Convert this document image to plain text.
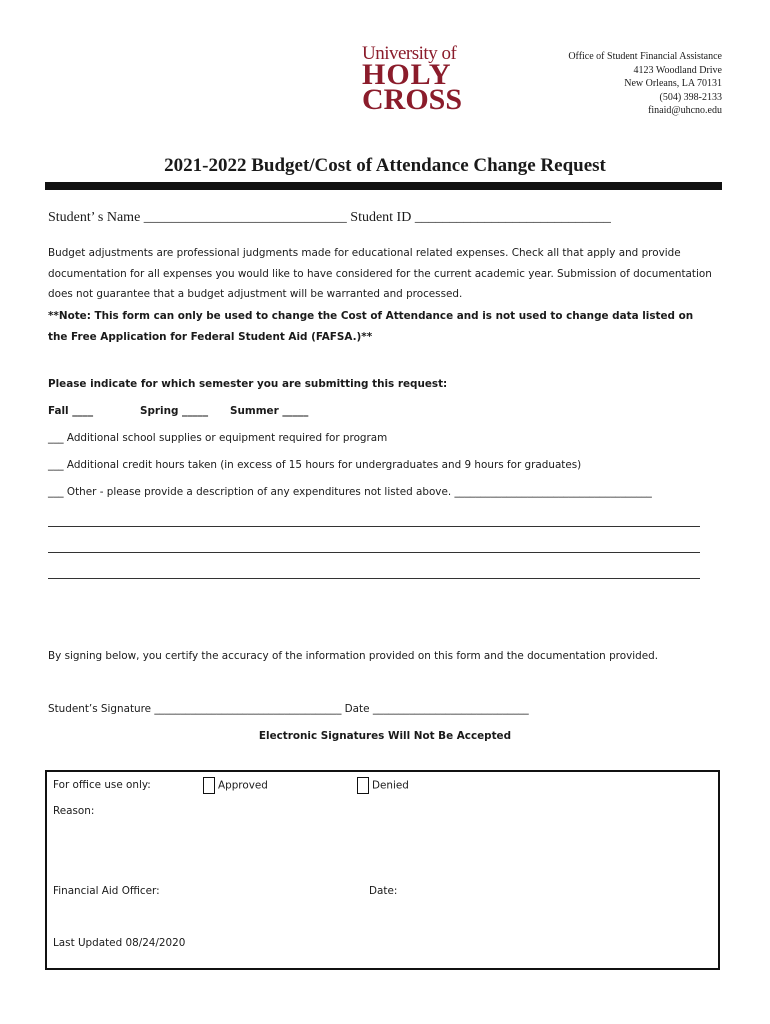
University of
HOLY
CROSS
Office of Student Financial Assistance
4123 Woodland Drive
New Orleans, LA 70131
(504) 398-2133
finaid@uhcno.edu
2021-2022 Budget/Cost of Attendance Change Request
Student’ s Name _____________________________ Student ID ____________________________
Budget adjustments are professional judgments made for educational related expenses. Check all that apply and provide documentation for all expenses you would like to have considered for the current academic year. Submission of documentation does not guarantee that a budget adjustment will be warranted and processed.
**Note: This form can only be used to change the Cost of Attendance and is not used to change data listed on the Free Application for Federal Student Aid (FAFSA.)**
Please indicate for which semester you are submitting this request:
Fall ____	Spring _____ Summer _____
___ Additional school supplies or equipment required for program
___ Additional credit hours taken (in excess of 15 hours for undergraduates and 9 hours for graduates)
___ Other - please provide a description of any expenditures not listed above. ______________________________________
By signing below, you certify the accuracy of the information provided on this form and the documentation provided.
Student’s Signature ____________________________________ Date ______________________________
Electronic Signatures Will Not Be Accepted
For office use only:	Approved	Denied
Reason:
Financial Aid Officer:	Date:
Last Updated 08/24/2020
